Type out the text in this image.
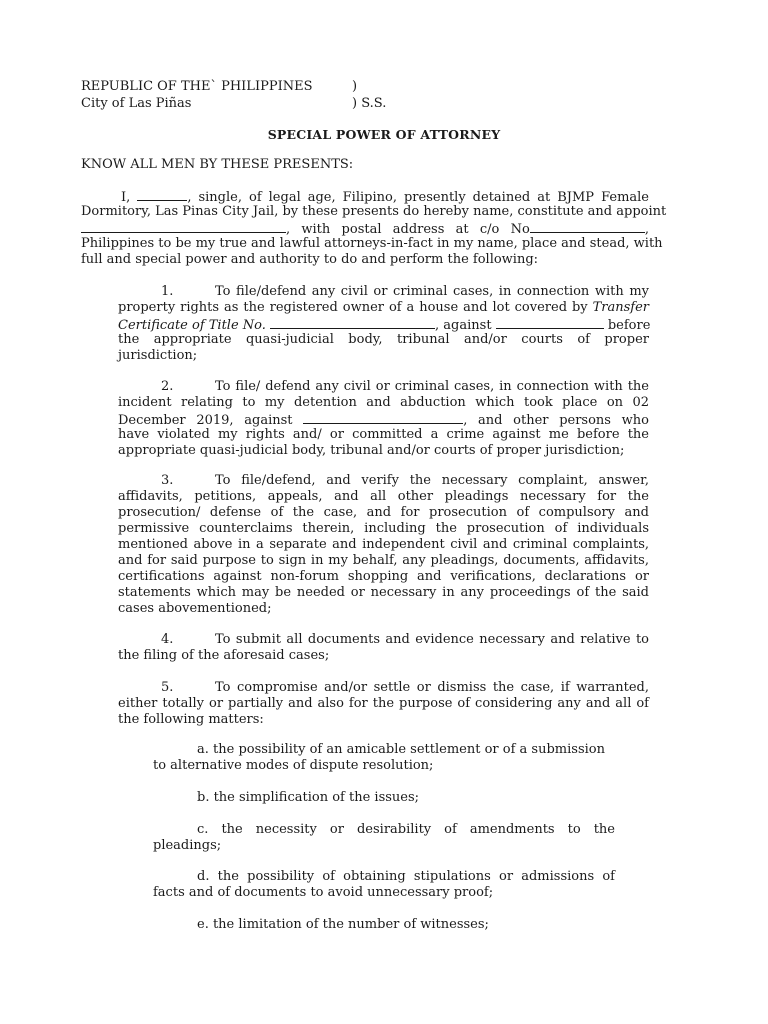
REPUBLIC OF THE` PHILIPPINES	)
City of Las Piñas	) S.S.
SPECIAL POWER OF ATTORNEY
KNOW ALL MEN BY THESE PRESENTS:
I,	, single, of legal age, Filipino, presently detained at BJMP Female
Dormitory, Las Pinas City Jail, by these presents do hereby name, constitute and appoint
, with postal address at c/o No	,
Philippines to be my true and lawful attorneys-in-fact in my name, place and stead, with
full and special power and authority to do and perform the following:
1.	To file/defend any civil or criminal cases, in connection with my
property rights as the registered owner of a house and lot covered by Transfer
Certificate of Title No.	, against	before
the appropriate quasi-judicial body, tribunal and/or courts of proper
jurisdiction;
2.	To file/ defend any civil or criminal cases, in connection with the
incident relating to my detention and abduction which took place on 02
December 2019, against	, and other persons who
have violated my rights and/ or committed a crime against me before the
appropriate quasi-judicial body, tribunal and/or courts of proper jurisdiction;
3.	To file/defend, and verify the necessary complaint, answer,
affidavits, petitions, appeals, and all other pleadings necessary for the
prosecution/ defense of the case, and for prosecution of compulsory and
permissive counterclaims therein, including the prosecution of individuals
mentioned above in a separate and independent civil and criminal complaints,
and for said purpose to sign in my behalf, any pleadings, documents, affidavits,
certifications against non-forum shopping and verifications, declarations or
statements which may be needed or necessary in any proceedings of the said
cases abovementioned;
4.	To submit all documents and evidence necessary and relative to
the filing of the aforesaid cases;
5.	To compromise and/or settle or dismiss the case, if warranted,
either totally or partially and also for the purpose of considering any and all of
the following matters:
a. the possibility of an amicable settlement or of a submission
to alternative modes of dispute resolution;
b. the simplification of the issues;
c. the necessity or desirability of amendments to the
pleadings;
d. the possibility of obtaining stipulations or admissions of
facts and of documents to avoid unnecessary proof;
e. the limitation of the number of witnesses;
